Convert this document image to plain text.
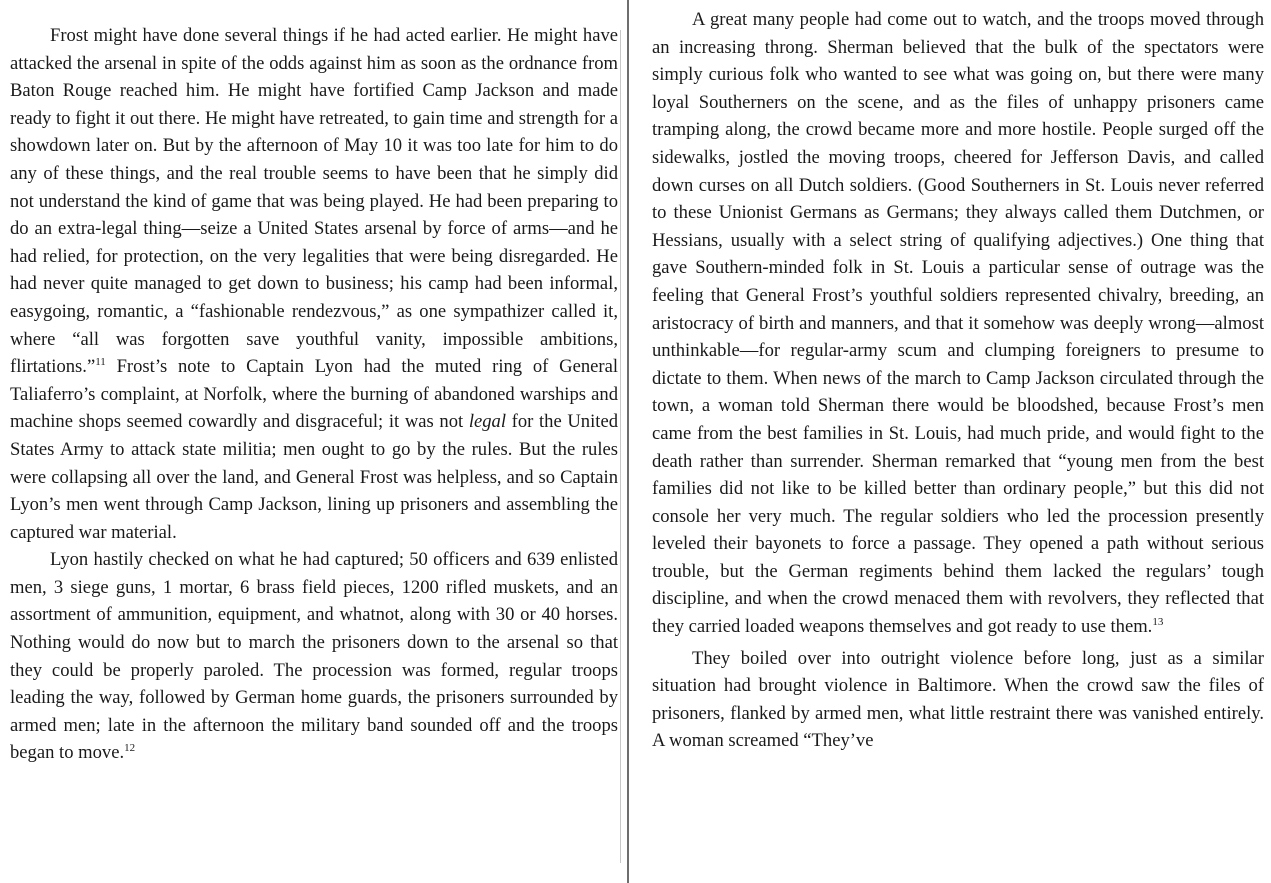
Frost might have done several things if he had acted earlier. He might have attacked the arsenal in spite of the odds against him as soon as the ordnance from Baton Rouge reached him. He might have fortified Camp Jackson and made ready to fight it out there. He might have retreated, to gain time and strength for a showdown later on. But by the afternoon of May 10 it was too late for him to do any of these things, and the real trouble seems to have been that he simply did not understand the kind of game that was being played. He had been preparing to do an extra-legal thing—seize a United States arsenal by force of arms—and he had relied, for protection, on the very legalities that were being disregarded. He had never quite managed to get down to business; his camp had been informal, easygoing, romantic, a “fashionable rendezvous,” as one sympathizer called it, where “all was forgotten save youthful vanity, impossible ambitions, flirtations.”$^{11}$ Frost’s note to Captain Lyon had the muted ring of General Taliaferro’s complaint, at Norfolk, where the burning of abandoned warships and machine shops seemed cowardly and disgraceful; it was not legal for the United States Army to attack state militia; men ought to go by the rules. But the rules were collapsing all over the land, and General Frost was helpless, and so Captain Lyon’s men went through Camp Jackson, lining up prisoners and assembling the captured war material.

Lyon hastily checked on what he had captured; 50 officers and 639 enlisted men, 3 siege guns, 1 mortar, 6 brass field pieces, 1200 rifled muskets, and an assortment of ammunition, equipment, and whatnot, along with 30 or 40 horses. Nothing would do now but to march the prisoners down to the arsenal so that they could be properly paroled. The procession was formed, regular troops leading the way, followed by German home guards, the prisoners surrounded by armed men; late in the afternoon the military band sounded off and the troops began to move.$^{12}$

A great many people had come out to watch, and the troops moved through an increasing throng. Sherman believed that the bulk of the spectators were simply curious folk who wanted to see what was going on, but there were many loyal Southerners on the scene, and as the files of unhappy prisoners came tramping along, the crowd became more and more hostile. People surged off the sidewalks, jostled the moving troops, cheered for Jefferson Davis, and called down curses on all Dutch soldiers. (Good Southerners in St. Louis never referred to these Unionist Germans as Germans; they always called them Dutchmen, or Hessians, usually with a select string of qualifying adjectives.) One thing that gave Southern-minded folk in St. Louis a particular sense of outrage was the feeling that General Frost’s youthful soldiers represented chivalry, breeding, an aristocracy of birth and manners, and that it somehow was deeply wrong—almost unthinkable—for regular-army scum and clumping foreigners to presume to dictate to them. When news of the march to Camp Jackson circulated through the town, a woman told Sherman there would be bloodshed, because Frost’s men came from the best families in St. Louis, had much pride, and would fight to the death rather than surrender. Sherman remarked that “young men from the best families did not like to be killed better than ordinary people,” but this did not console her very much. The regular soldiers who led the procession presently leveled their bayonets to force a passage. They opened a path without serious trouble, but the German regiments behind them lacked the regulars’ tough discipline, and when the crowd menaced them with revolvers, they reflected that they carried loaded weapons themselves and got ready to use them.$^{13}$

They boiled over into outright violence before long, just as a similar situation had brought violence in Baltimore. When the crowd saw the files of prisoners, flanked by armed men, what little restraint there was vanished entirely. A woman screamed “They’ve
